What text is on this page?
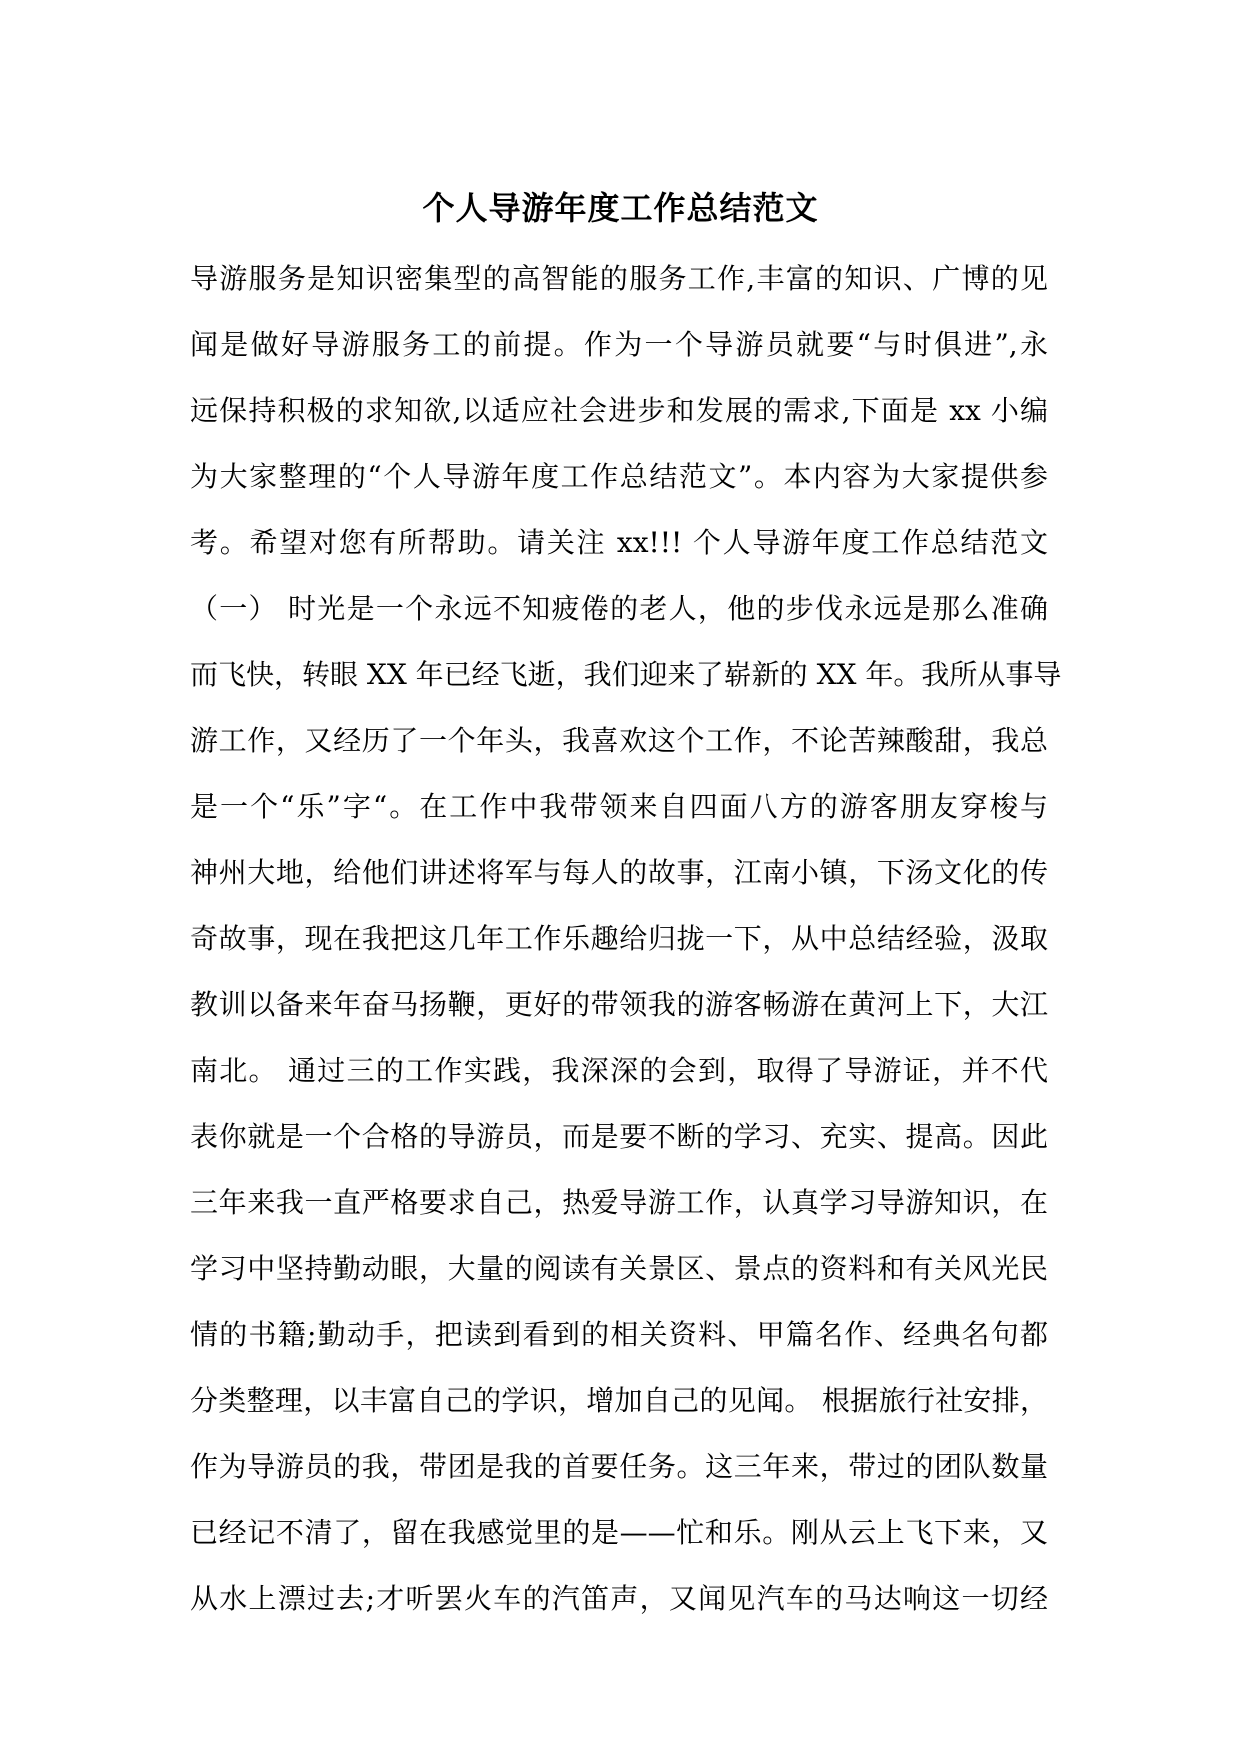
个人导游年度工作总结范文
导游服务是知识密集型的高智能的服务工作,丰富的知识、广博的见
闻是做好导游服务工的前提。作为一个导游员就要“与时俱进”,永
远保持积极的求知欲,以适应社会进步和发展的需求,下面是 xx 小编
为大家整理的“个人导游年度工作总结范文”。本内容为大家提供参
考。希望对您有所帮助。请关注 xx!!! 个人导游年度工作总结范文
（一） 时光是一个永远不知疲倦的老人，他的步伐永远是那么准确
而飞快，转眼 XX 年已经飞逝，我们迎来了崭新的 XX 年。我所从事导
游工作，又经历了一个年头，我喜欢这个工作，不论苦辣酸甜，我总
是一个“乐”字“。在工作中我带领来自四面八方的游客朋友穿梭与
神州大地，给他们讲述将军与每人的故事，江南小镇，下汤文化的传
奇故事，现在我把这几年工作乐趣给归拢一下，从中总结经验，汲取
教训以备来年奋马扬鞭，更好的带领我的游客畅游在黄河上下，大江
南北。 通过三的工作实践，我深深的会到，取得了导游证，并不代
表你就是一个合格的导游员，而是要不断的学习、充实、提高。因此
三年来我一直严格要求自己，热爱导游工作，认真学习导游知识，在
学习中坚持勤动眼，大量的阅读有关景区、景点的资料和有关风光民
情的书籍;勤动手，把读到看到的相关资料、甲篇名作、经典名句都
分类整理，以丰富自己的学识，增加自己的见闻。 根据旅行社安排，
作为导游员的我，带团是我的首要任务。这三年来，带过的团队数量
已经记不清了，留在我感觉里的是——忙和乐。刚从云上飞下来，又
从水上漂过去;才听罢火车的汽笛声，又闻见汽车的马达响这一切经
